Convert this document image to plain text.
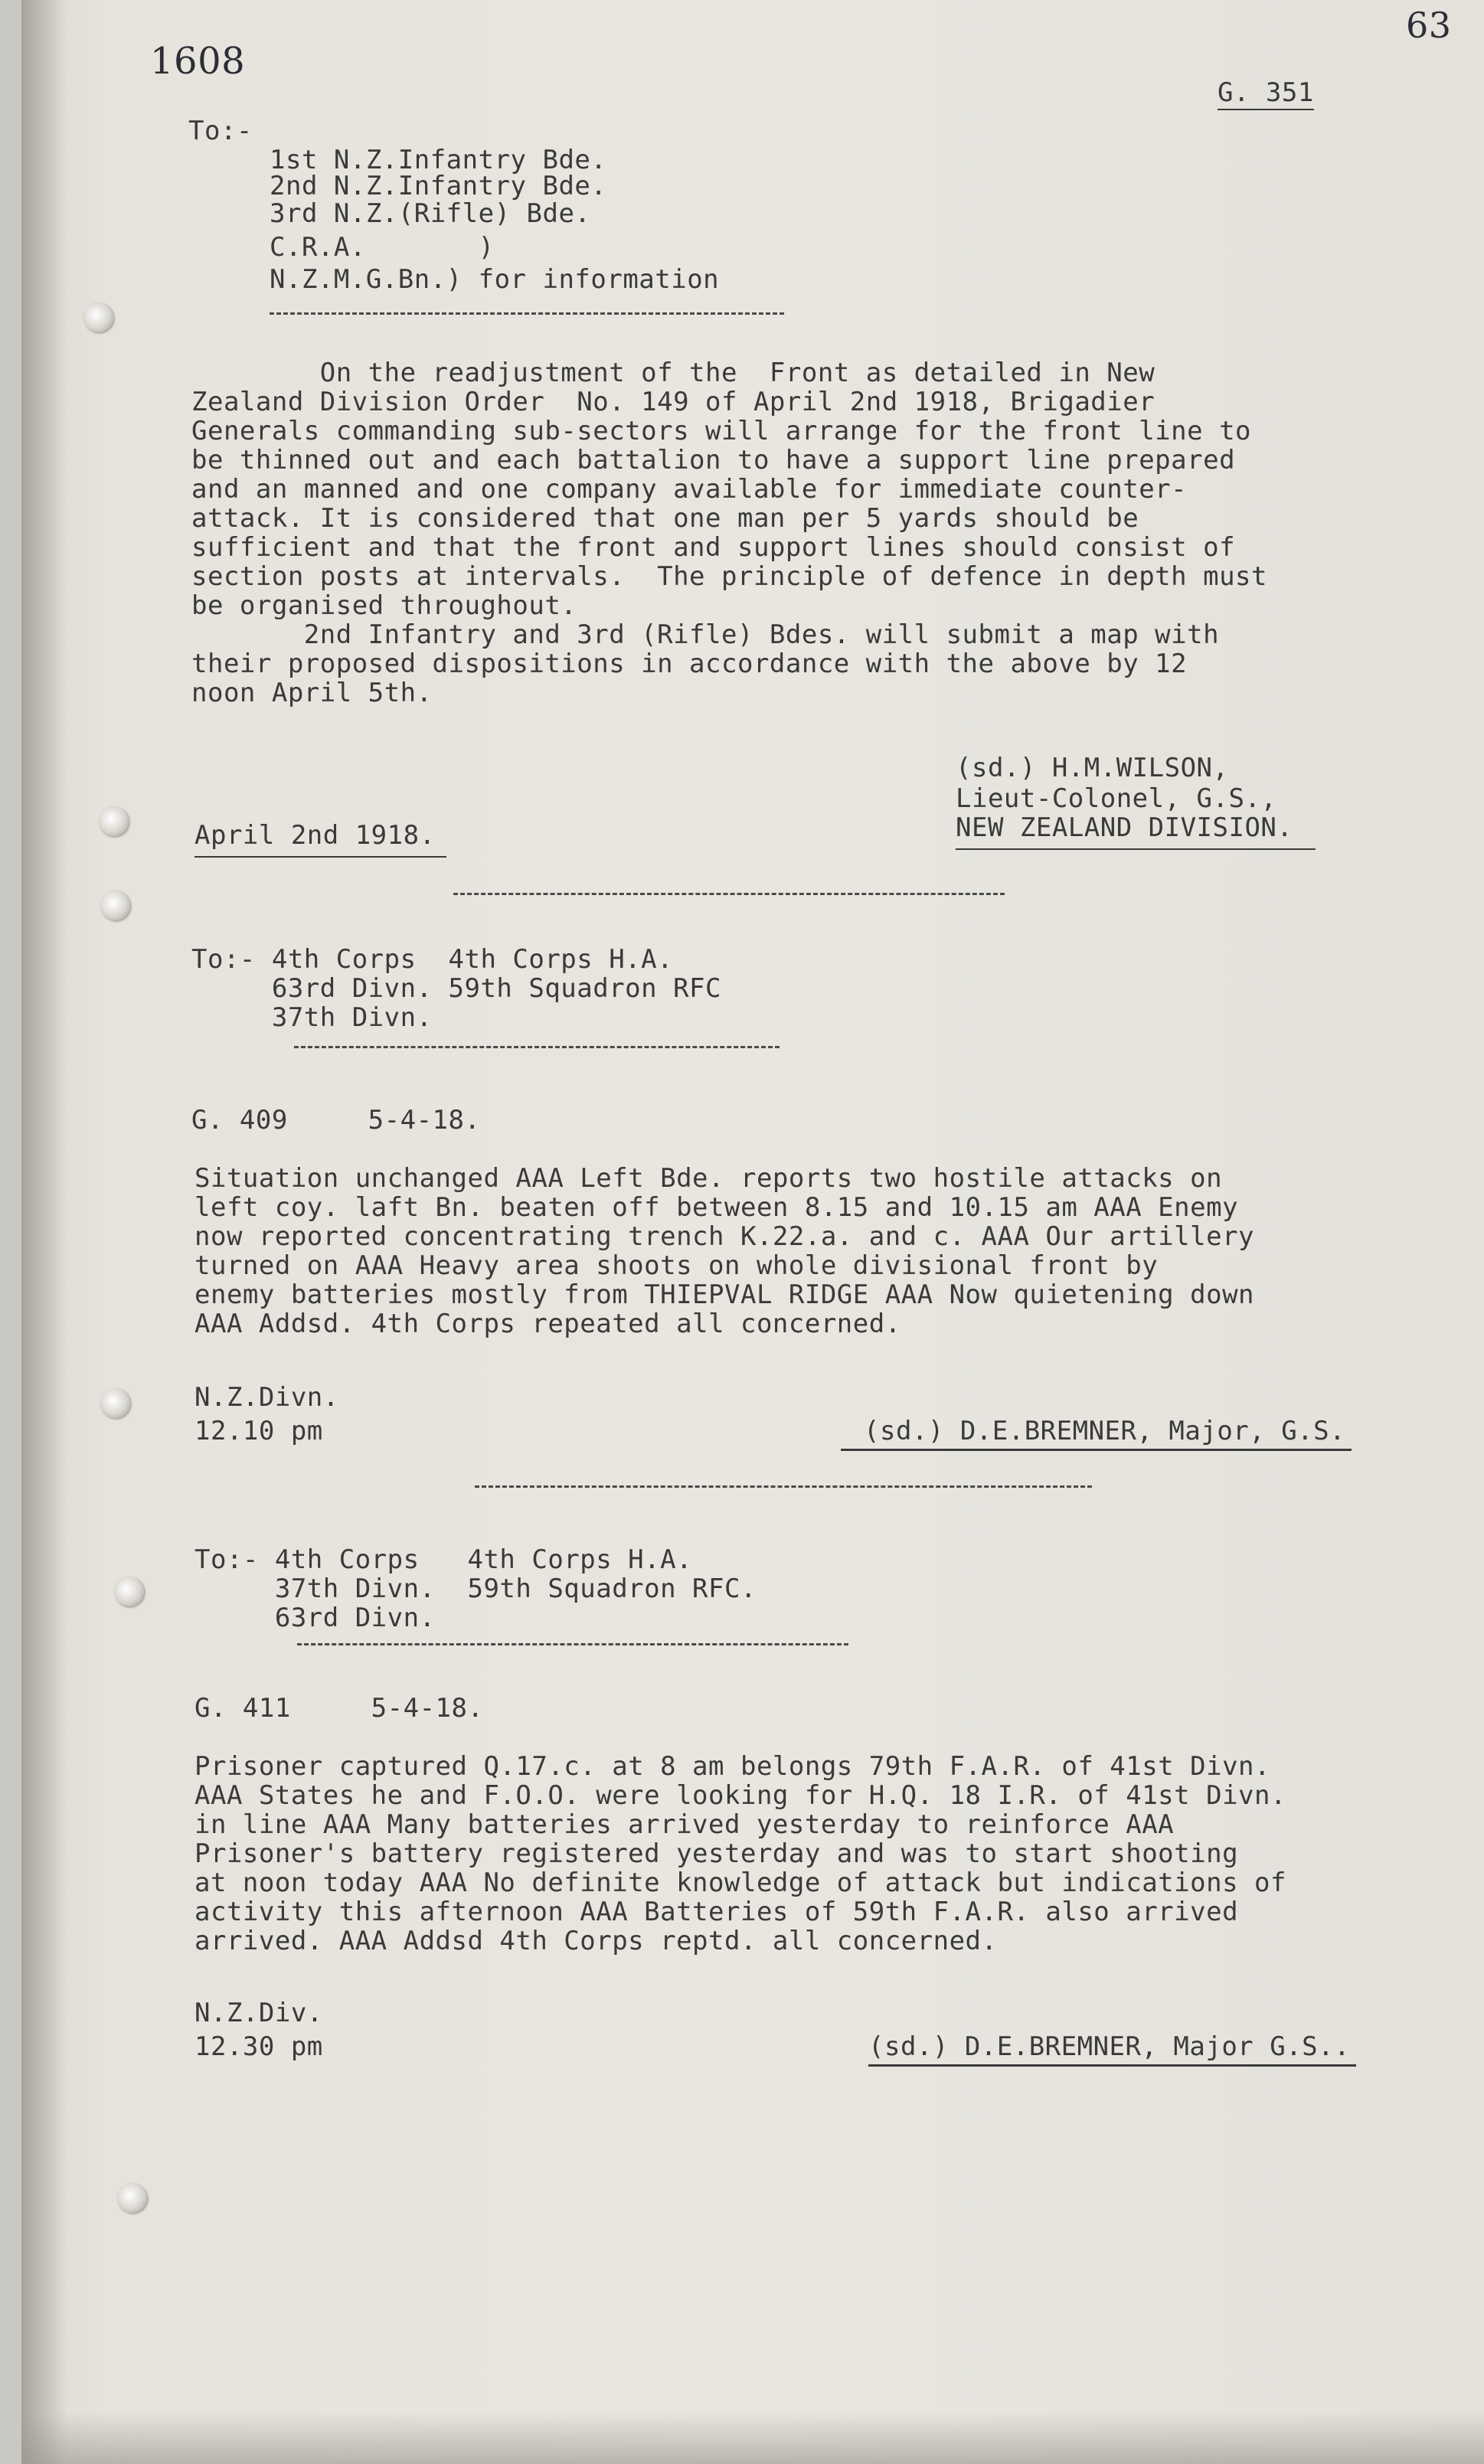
63
1608
G. 351
To:-
1st N.Z.Infantry Bde.
2nd N.Z.Infantry Bde.
3rd N.Z.(Rifle) Bde.
C.R.A.       )
N.Z.M.G.Bn.) for information
On the readjustment of the  Front as detailed in New
Zealand Division Order  No. 149 of April 2nd 1918, Brigadier
Generals commanding sub-sectors will arrange for the front line to
be thinned out and each battalion to have a support line prepared
and an manned and one company available for immediate counter-
attack. It is considered that one man per 5 yards should be
sufficient and that the front and support lines should consist of
section posts at intervals.  The principle of defence in depth must
be organised throughout.
2nd Infantry and 3rd (Rifle) Bdes. will submit a map with
their proposed dispositions in accordance with the above by 12
noon April 5th.
(sd.) H.M.WILSON,
Lieut-Colonel, G.S.,
NEW ZEALAND DIVISION.
April 2nd 1918.
To:- 4th Corps  4th Corps H.A.
63rd Divn. 59th Squadron RFC
37th Divn.
G. 409     5-4-18.
Situation unchanged AAA Left Bde. reports two hostile attacks on
left coy. laft Bn. beaten off between 8.15 and 10.15 am AAA Enemy
now reported concentrating trench K.22.a. and c. AAA Our artillery
turned on AAA Heavy area shoots on whole divisional front by
enemy batteries mostly from THIEPVAL RIDGE AAA Now quietening down
AAA Addsd. 4th Corps repeated all concerned.
N.Z.Divn.
12.10 pm	(sd.) D.E.BREMNER, Major, G.S.
To:- 4th Corps   4th Corps H.A.
37th Divn.  59th Squadron RFC.
63rd Divn.
G. 411     5-4-18.
Prisoner captured Q.17.c. at 8 am belongs 79th F.A.R. of 41st Divn.
AAA States he and F.O.O. were looking for H.Q. 18 I.R. of 41st Divn.
in line AAA Many batteries arrived yesterday to reinforce AAA
Prisoner's battery registered yesterday and was to start shooting
at noon today AAA No definite knowledge of attack but indications of
activity this afternoon AAA Batteries of 59th F.A.R. also arrived
arrived. AAA Addsd 4th Corps reptd. all concerned.
N.Z.Div.
12.30 pm	(sd.) D.E.BREMNER, Major G.S..
